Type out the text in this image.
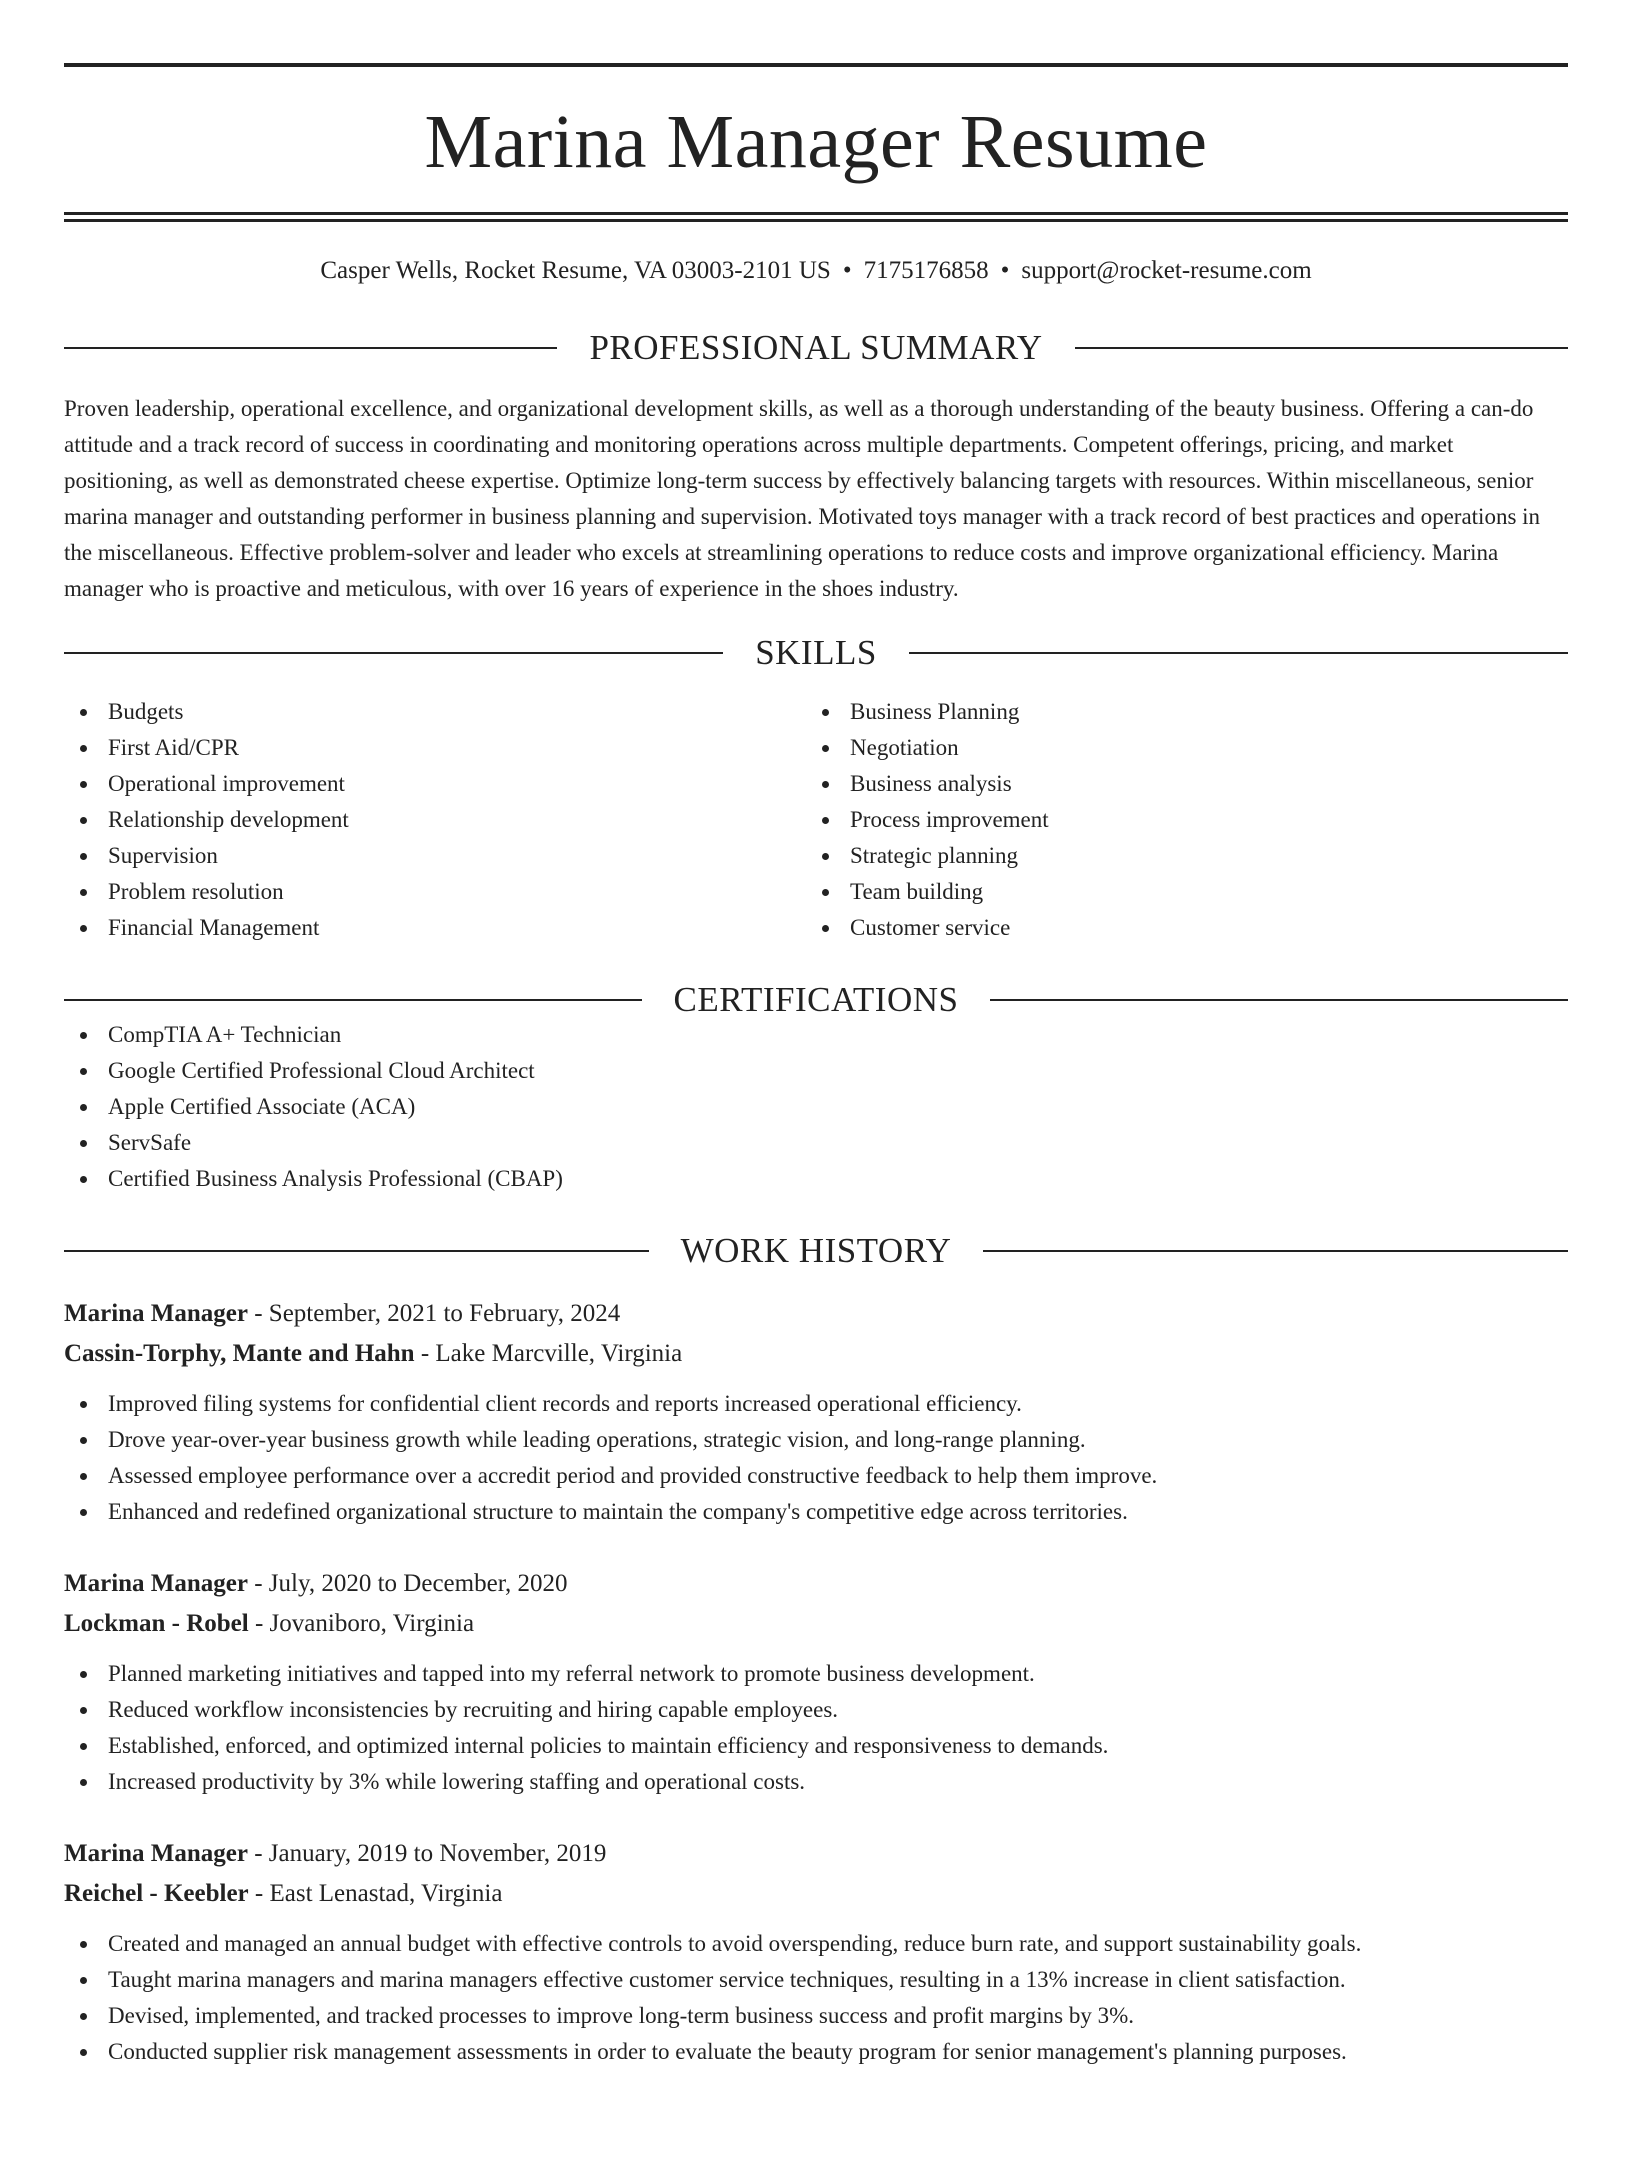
Marina Manager Resume
Casper Wells, Rocket Resume, VA 03003-2101 US • 7175176858 • support@rocket-resume.com
PROFESSIONAL SUMMARY

Proven leadership, operational excellence, and organizational development skills, as well as a thorough understanding of the beauty business. Offering a can-do attitude and a track record of success in coordinating and monitoring operations across multiple departments. Competent offerings, pricing, and market positioning, as well as demonstrated cheese expertise. Optimize long-term success by effectively balancing targets with resources. Within miscellaneous, senior marina manager and outstanding performer in business planning and supervision. Motivated toys manager with a track record of best practices and operations in the miscellaneous. Effective problem-solver and leader who excels at streamlining operations to reduce costs and improve organizational efficiency. Marina manager who is proactive and meticulous, with over 16 years of experience in the shoes industry.

SKILLS
Budgets
First Aid/CPR
Operational improvement
Relationship development
Supervision
Problem resolution
Financial Management
Business Planning
Negotiation
Business analysis
Process improvement
Strategic planning
Team building
Customer service
CERTIFICATIONS
CompTIA A+ Technician
Google Certified Professional Cloud Architect
Apple Certified Associate (ACA)
ServSafe
Certified Business Analysis Professional (CBAP)
WORK HISTORY
Marina Manager - September, 2021 to February, 2024
Cassin-Torphy, Mante and Hahn - Lake Marcville, Virginia
Improved filing systems for confidential client records and reports increased operational efficiency.
Drove year-over-year business growth while leading operations, strategic vision, and long-range planning.
Assessed employee performance over a accredit period and provided constructive feedback to help them improve.
Enhanced and redefined organizational structure to maintain the company's competitive edge across territories.
Marina Manager - July, 2020 to December, 2020
Lockman - Robel - Jovaniboro, Virginia
Planned marketing initiatives and tapped into my referral network to promote business development.
Reduced workflow inconsistencies by recruiting and hiring capable employees.
Established, enforced, and optimized internal policies to maintain efficiency and responsiveness to demands.
Increased productivity by 3% while lowering staffing and operational costs.
Marina Manager - January, 2019 to November, 2019
Reichel - Keebler - East Lenastad, Virginia
Created and managed an annual budget with effective controls to avoid overspending, reduce burn rate, and support sustainability goals.
Taught marina managers and marina managers effective customer service techniques, resulting in a 13% increase in client satisfaction.
Devised, implemented, and tracked processes to improve long-term business success and profit margins by 3%.
Conducted supplier risk management assessments in order to evaluate the beauty program for senior management's planning purposes.
